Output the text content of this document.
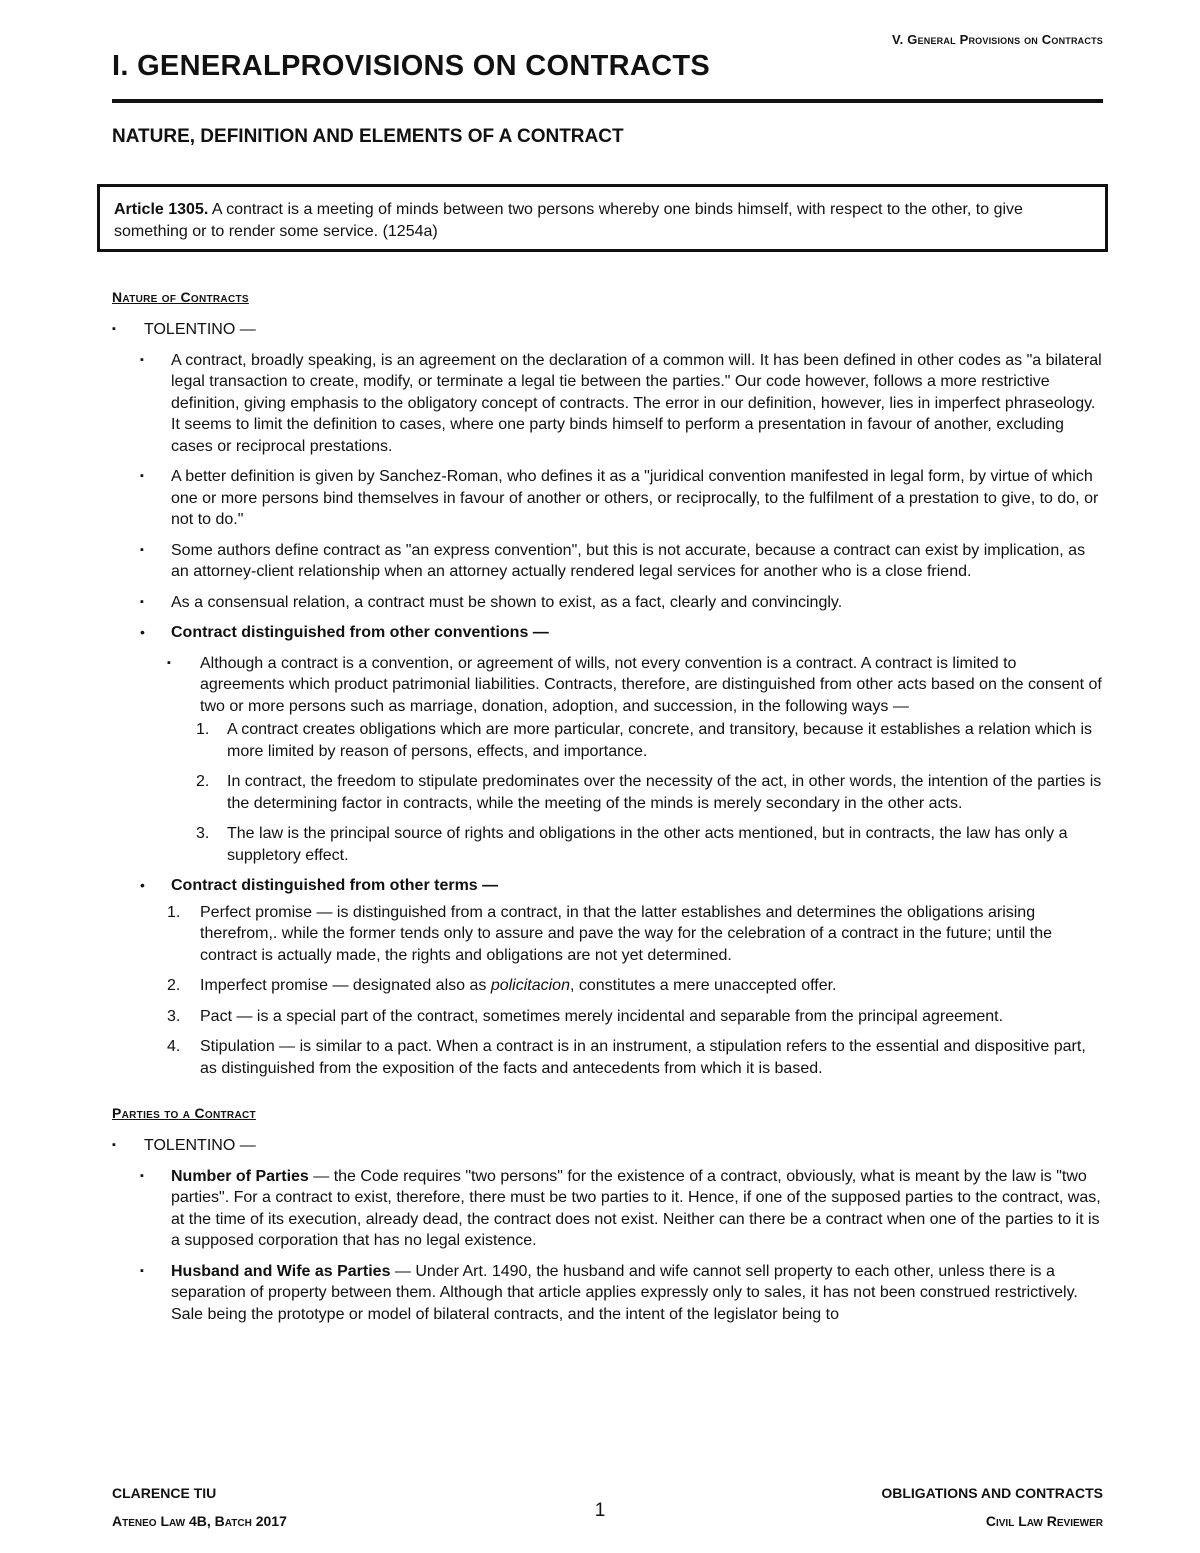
V. General Provisions on Contracts
I. GENERALPROVISIONS ON CONTRACTS
NATURE, DEFINITION AND ELEMENTS OF A CONTRACT
Article 1305. A contract is a meeting of minds between two persons whereby one binds himself, with respect to the other, to give something or to render some service. (1254a)
Nature of Contracts
▪	TOLENTINO —
▪	A contract, broadly speaking, is an agreement on the declaration of a common will. It has been defined in other codes as "a bilateral legal transaction to create, modify, or terminate a legal tie between the parties." Our code however, follows a more restrictive definition, giving emphasis to the obligatory concept of contracts. The error in our definition, however, lies in imperfect phraseology. It seems to limit the definition to cases, where one party binds himself to perform a presentation in favour of another, excluding cases or reciprocal prestations.
▪	A better definition is given by Sanchez-Roman, who defines it as a "juridical convention manifested in legal form, by virtue of which one or more persons bind themselves in favour of another or others, or reciprocally, to the fulfilment of a prestation to give, to do, or not to do."
▪	Some authors define contract as "an express convention", but this is not accurate, because a contract can exist by implication, as an attorney-client relationship when an attorney actually rendered legal services for another who is a close friend.
▪	As a consensual relation, a contract must be shown to exist, as a fact, clearly and convincingly.
•	Contract distinguished from other conventions —
▪	Although a contract is a convention, or agreement of wills, not every convention is a contract. A contract is limited to agreements which product patrimonial liabilities. Contracts, therefore, are distinguished from other acts based on the consent of two or more persons such as marriage, donation, adoption, and succession, in the following ways —
1.	A contract creates obligations which are more particular, concrete, and transitory, because it establishes a relation which is more limited by reason of persons, effects, and importance.
2.	In contract, the freedom to stipulate predominates over the necessity of the act, in other words, the intention of the parties is the determining factor in contracts, while the meeting of the minds is merely secondary in the other acts.
3.	The law is the principal source of rights and obligations in the other acts mentioned, but in contracts, the law has only a suppletory effect.
•	Contract distinguished from other terms —
1.	Perfect promise — is distinguished from a contract, in that the latter establishes and determines the obligations arising therefrom,. while the former tends only to assure and pave the way for the celebration of a contract in the future; until the contract is actually made, the rights and obligations are not yet determined.
2.	Imperfect promise — designated also as policitacion, constitutes a mere unaccepted offer.
3.	Pact — is a special part of the contract, sometimes merely incidental and separable from the principal agreement.
4.	Stipulation — is similar to a pact. When a contract is in an instrument, a stipulation refers to the essential and dispositive part, as distinguished from the exposition of the facts and antecedents from which it is based.
Parties to a Contract
▪	TOLENTINO —
▪	Number of Parties — the Code requires "two persons" for the existence of a contract, obviously, what is meant by the law is "two parties". For a contract to exist, therefore, there must be two parties to it. Hence, if one of the supposed parties to the contract, was, at the time of its execution, already dead, the contract does not exist. Neither can there be a contract when one of the parties to it is a supposed corporation that has no legal existence.
▪	Husband and Wife as Parties — Under Art. 1490, the husband and wife cannot sell property to each other, unless there is a separation of property between them. Although that article applies expressly only to sales, it has not been construed restrictively. Sale being the prototype or model of bilateral contracts, and the intent of the legislator being to
CLARENCE TIU
Ateneo Law 4B, Batch 2017	1
OBLIGATIONS AND CONTRACTS
Civil Law Reviewer
